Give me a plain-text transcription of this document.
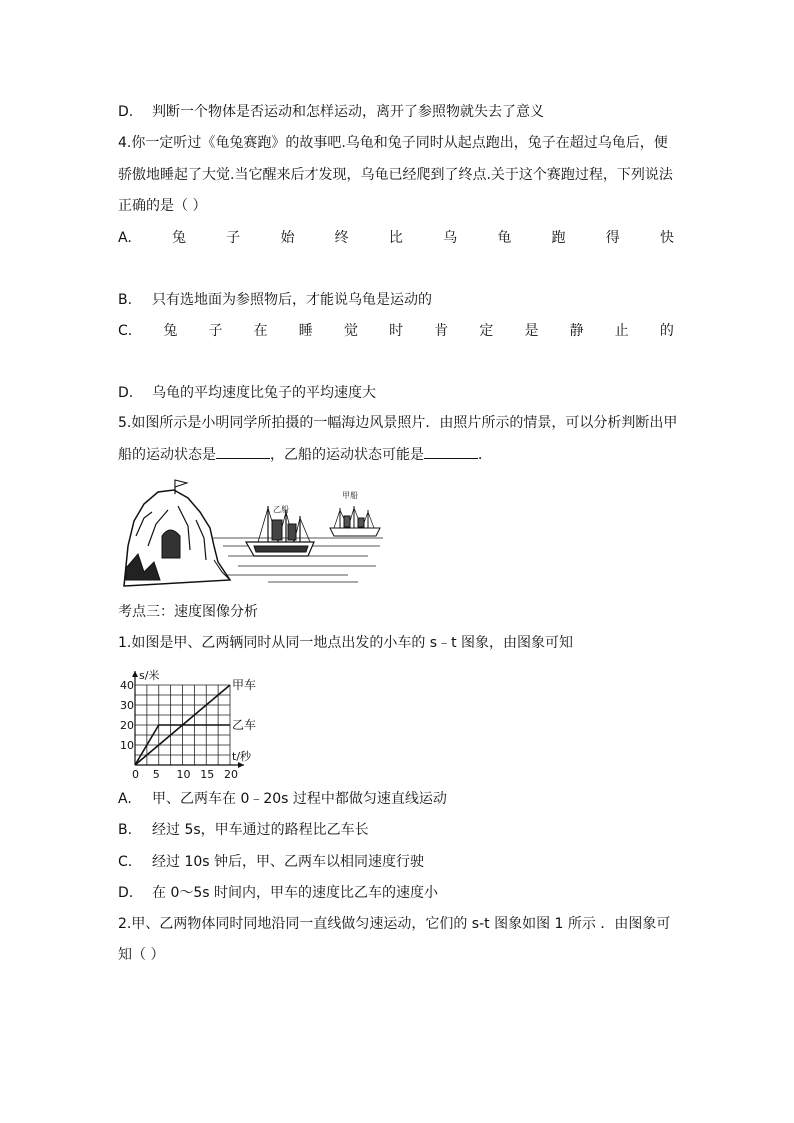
D. 判断一个物体是否运动和怎样运动，离开了参照物就失去了意义
4.你一定听过《龟兔赛跑》的故事吧.乌龟和兔子同时从起点跑出，兔子在超过乌龟后，便
骄傲地睡起了大觉.当它醒来后才发现，乌龟已经爬到了终点.关于这个赛跑过程，下列说法
正确的是（ ）
A.	兔	子	始	终	比	乌	龟	跑	得	快
B. 只有选地面为参照物后，才能说乌龟是运动的
C. 兔 子 在 睡 觉 时 肯 定 是 静 止 的
D. 乌龟的平均速度比兔子的平均速度大
5.如图所示是小明同学所拍摄的一幅海边风景照片．由照片所示的情景，可以分析判断出甲
船的运动状态是	，乙船的运动状态可能是	．
乙船
甲船
考点三：速度图像分析
1.如图是甲、乙两辆同时从同一地点出发的小车的 s﹣t 图象，由图象可知
甲车
乙车
0 5 10 15 20
10
20
30
40
s/米
t/秒
A. 甲、乙两车在 0﹣20s 过程中都做匀速直线运动
B. 经过 5s，甲车通过的路程比乙车长
C. 经过 10s 钟后，甲、乙两车以相同速度行驶
D. 在 0～5s 时间内，甲车的速度比乙车的速度小
2.甲、乙两物体同时同地沿同一直线做匀速运动，它们的 s-t 图象如图 1 所示 ．由图象可
知（ ）
